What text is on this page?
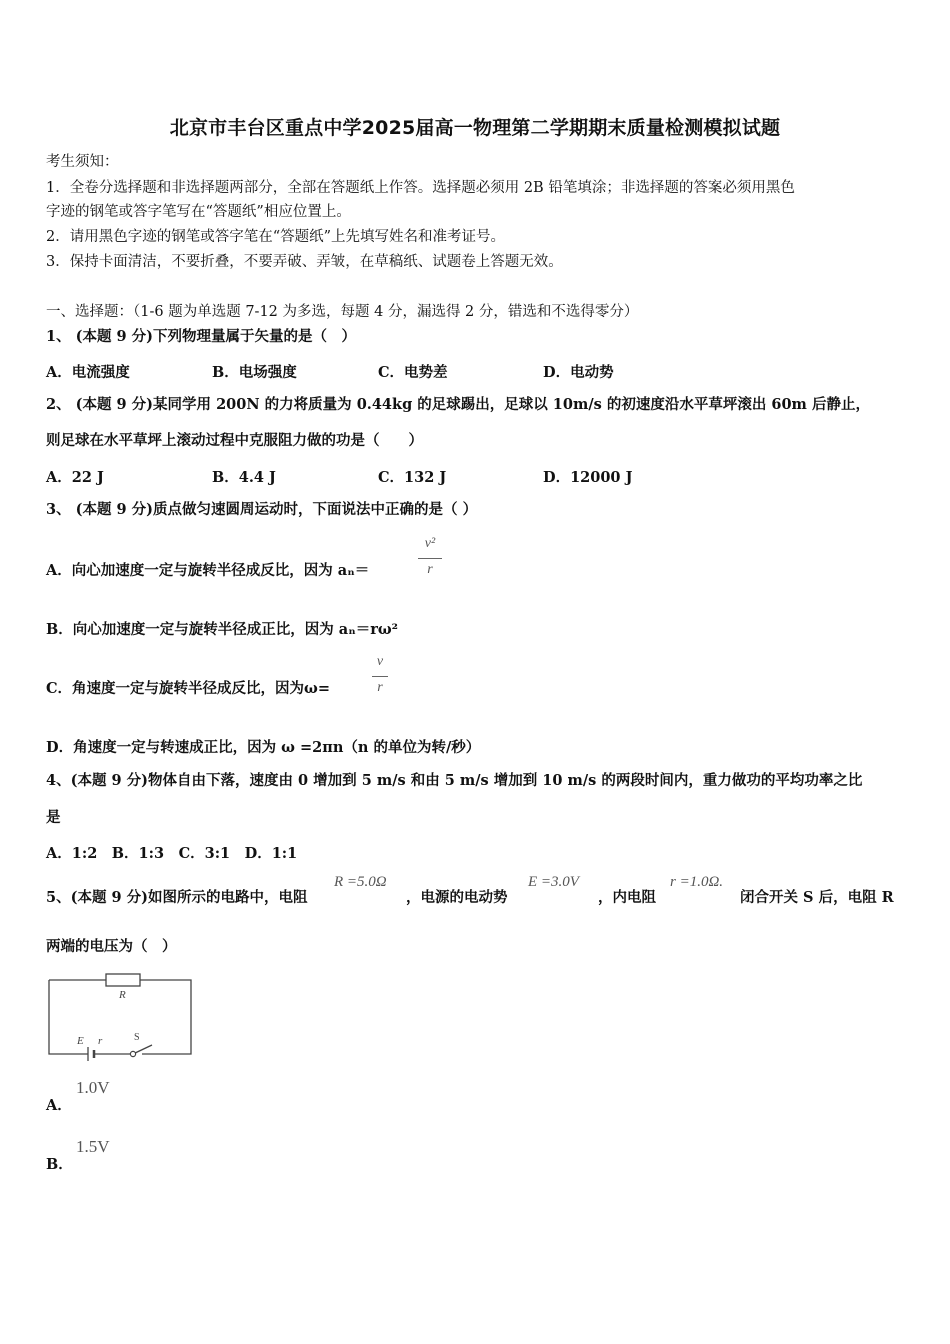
北京市丰台区重点中学2025届高一物理第二学期期末质量检测模拟试题
考生须知：
1．全卷分选择题和非选择题两部分，全部在答题纸上作答。选择题必须用 2B 铅笔填涂；非选择题的答案必须用黑色
字迹的钢笔或答字笔写在“答题纸”相应位置上。
2．请用黑色字迹的钢笔或答字笔在“答题纸”上先填写姓名和准考证号。
3．保持卡面清洁，不要折叠，不要弄破、弄皱，在草稿纸、试题卷上答题无效。
一、选择题：（1-6 题为单选题 7-12 为多选，每题 4 分，漏选得 2 分，错选和不选得零分）
1、 (本题 9 分)下列物理量属于矢量的是（　）
A．电流强度	B．电场强度	C．电势差	D．电动势
2、 (本题 9 分)某同学用 200N 的力将质量为 0.44kg 的足球踢出，足球以 10m/s 的初速度沿水平草坪滚出 60m 后静止，
则足球在水平草坪上滚动过程中克服阻力做的功是（　　）
A．22 J	B．4.4 J	C．132 J	D．12000 J
3、 (本题 9 分)质点做匀速圆周运动时，下面说法中正确的是（ ）
A．向心加速度一定与旋转半径成反比，因为 aₙ＝
v²
r
B．向心加速度一定与旋转半径成正比，因为 aₙ＝rω²
C．角速度一定与旋转半径成反比，因为ω=
v
r
D．角速度一定与转速成正比，因为 ω =2πn（n 的单位为转/秒）
4、(本题 9 分)物体自由下落，速度由 0 增加到 5 m/s 和由 5 m/s 增加到 10 m/s 的两段时间内，重力做功的平均功率之比
是
A．1:2　B．1:3　C．3:1　D．1:1
5、(本题 9 分)如图所示的电路中，电阻
R =5.0Ω
，电源的电动势
E =3.0V
，内电阻
r =1.0Ω.
闭合开关 S 后，电阻 R
两端的电压为（　）
R
E r	S
A．
1.0V
B．
1.5V
